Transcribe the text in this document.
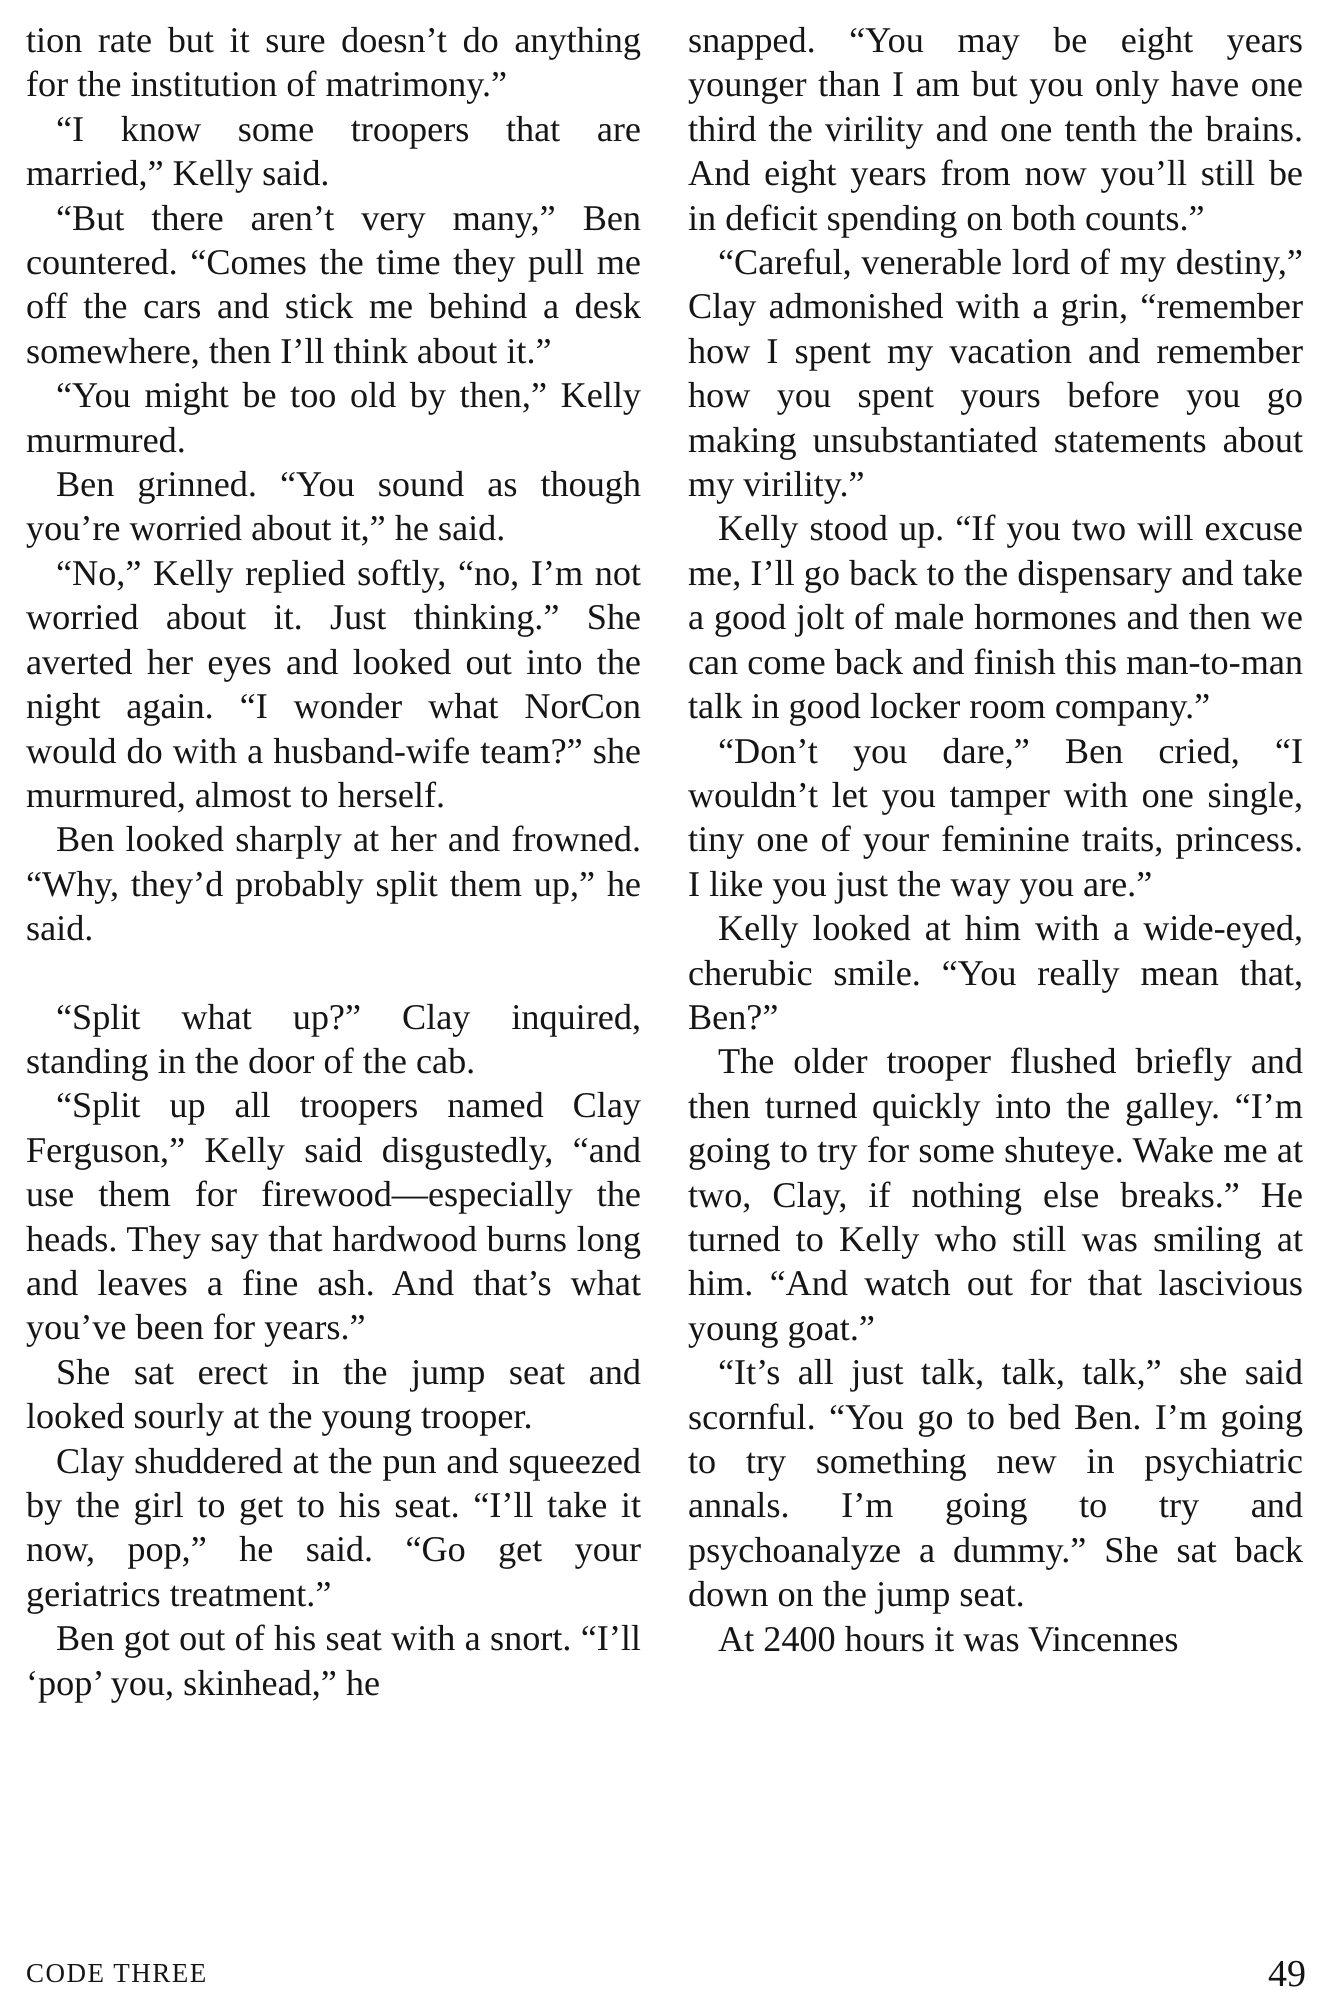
tion rate but it sure doesn’t do anything for the institution of matrimony.”

“I know some troopers that are married,” Kelly said.

“But there aren’t very many,” Ben countered. “Comes the time they pull me off the cars and stick me behind a desk somewhere, then I’ll think about it.”

“You might be too old by then,” Kelly murmured.

Ben grinned. “You sound as though you’re worried about it,” he said.

“No,” Kelly replied softly, “no, I’m not worried about it. Just thinking.” She averted her eyes and looked out into the night again. “I wonder what NorCon would do with a husband-wife team?” she murmured, almost to herself.

Ben looked sharply at her and frowned. “Why, they’d probably split them up,” he said.

“Split what up?” Clay inquired, standing in the door of the cab.

“Split up all troopers named Clay Ferguson,” Kelly said disgustedly, “and use them for firewood—especially the heads. They say that hardwood burns long and leaves a fine ash. And that’s what you’ve been for years.”

She sat erect in the jump seat and looked sourly at the young trooper.

Clay shuddered at the pun and squeezed by the girl to get to his seat. “I’ll take it now, pop,” he said. “Go get your geriatrics treatment.”

Ben got out of his seat with a snort. “I’ll ‘pop’ you, skinhead,” he

snapped. “You may be eight years younger than I am but you only have one third the virility and one tenth the brains. And eight years from now you’ll still be in deficit spending on both counts.”

“Careful, venerable lord of my destiny,” Clay admonished with a grin, “remember how I spent my vacation and remember how you spent yours before you go making unsubstantiated statements about my virility.”

Kelly stood up. “If you two will excuse me, I’ll go back to the dispensary and take a good jolt of male hormones and then we can come back and finish this man-to-man talk in good locker room company.”

“Don’t you dare,” Ben cried, “I wouldn’t let you tamper with one single, tiny one of your feminine traits, princess. I like you just the way you are.”

Kelly looked at him with a wide-eyed, cherubic smile. “You really mean that, Ben?”

The older trooper flushed briefly and then turned quickly into the galley. “I’m going to try for some shuteye. Wake me at two, Clay, if nothing else breaks.” He turned to Kelly who still was smiling at him. “And watch out for that lascivious young goat.”

“It’s all just talk, talk, talk,” she said scornful. “You go to bed Ben. I’m going to try something new in psychiatric annals. I’m going to try and psychoanalyze a dummy.” She sat back down on the jump seat.

At 2400 hours it was Vincennes

CODE THREE	49
